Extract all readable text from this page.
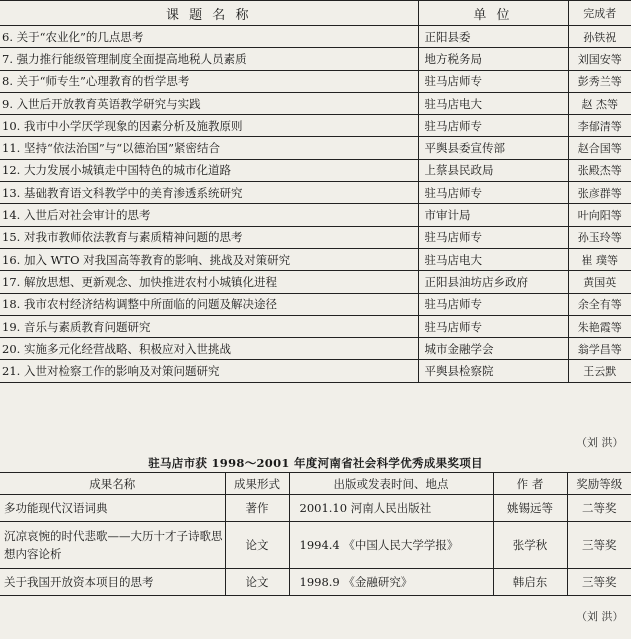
课 题 名 称	单 位	完成者
6. 关于“农业化”的几点思考	正阳县委	孙铁祝
7. 强力推行能级管理制度全面提高地税人员素质	地方税务局	刘国安等
8. 关于“师专生”心理教育的哲学思考	驻马店师专	彭秀兰等
9. 入世后开放教育英语教学研究与实践	驻马店电大	赵 杰等
10. 我市中小学厌学现象的因素分析及施教原则	驻马店师专	李郁清等
11. 坚持“依法治国”与“以德治国”紧密结合	平舆县委宣传部	赵合国等
12. 大力发展小城镇走中国特色的城市化道路	上蔡县民政局	张殿杰等
13. 基础教育语文科教学中的美育渗透系统研究	驻马店师专	张彦群等
14. 入世后对社会审计的思考	市审计局	叶向阳等
15. 对我市教师依法教育与素质精神问题的思考	驻马店师专	孙玉玲等
16. 加入 WTO 对我国高等教育的影响、挑战及对策研究	驻马店电大	崔 璞等
17. 解放思想、更新观念、加快推进农村小城镇化进程	正阳县油坊店乡政府	黄国英
18. 我市农村经济结构调整中所面临的问题及解决途径	驻马店师专	余全有等
19. 音乐与素质教育问题研究	驻马店师专	朱艳霞等
20. 实施多元化经营战略、积极应对入世挑战	城市金融学会	翁学昌等
21. 入世对检察工作的影响及对策问题研究	平舆县检察院	王云默
（刘 洪）
驻马店市获 1998～2001 年度河南省社会科学优秀成果奖项目
成果名称	成果形式	出版或发表时间、地点	作 者	奖励等级
多功能现代汉语词典	著作	2001.10 河南人民出版社	姚锡远等	二等奖
沉凉哀惋的时代悲歌——大历十才子诗歌思想内容论析	论文	1994.4 《中国人民大学学报》	张学秋	三等奖
关于我国开放资本项目的思考	论文	1998.9 《金融研究》	韩启东	三等奖
（刘 洪）
